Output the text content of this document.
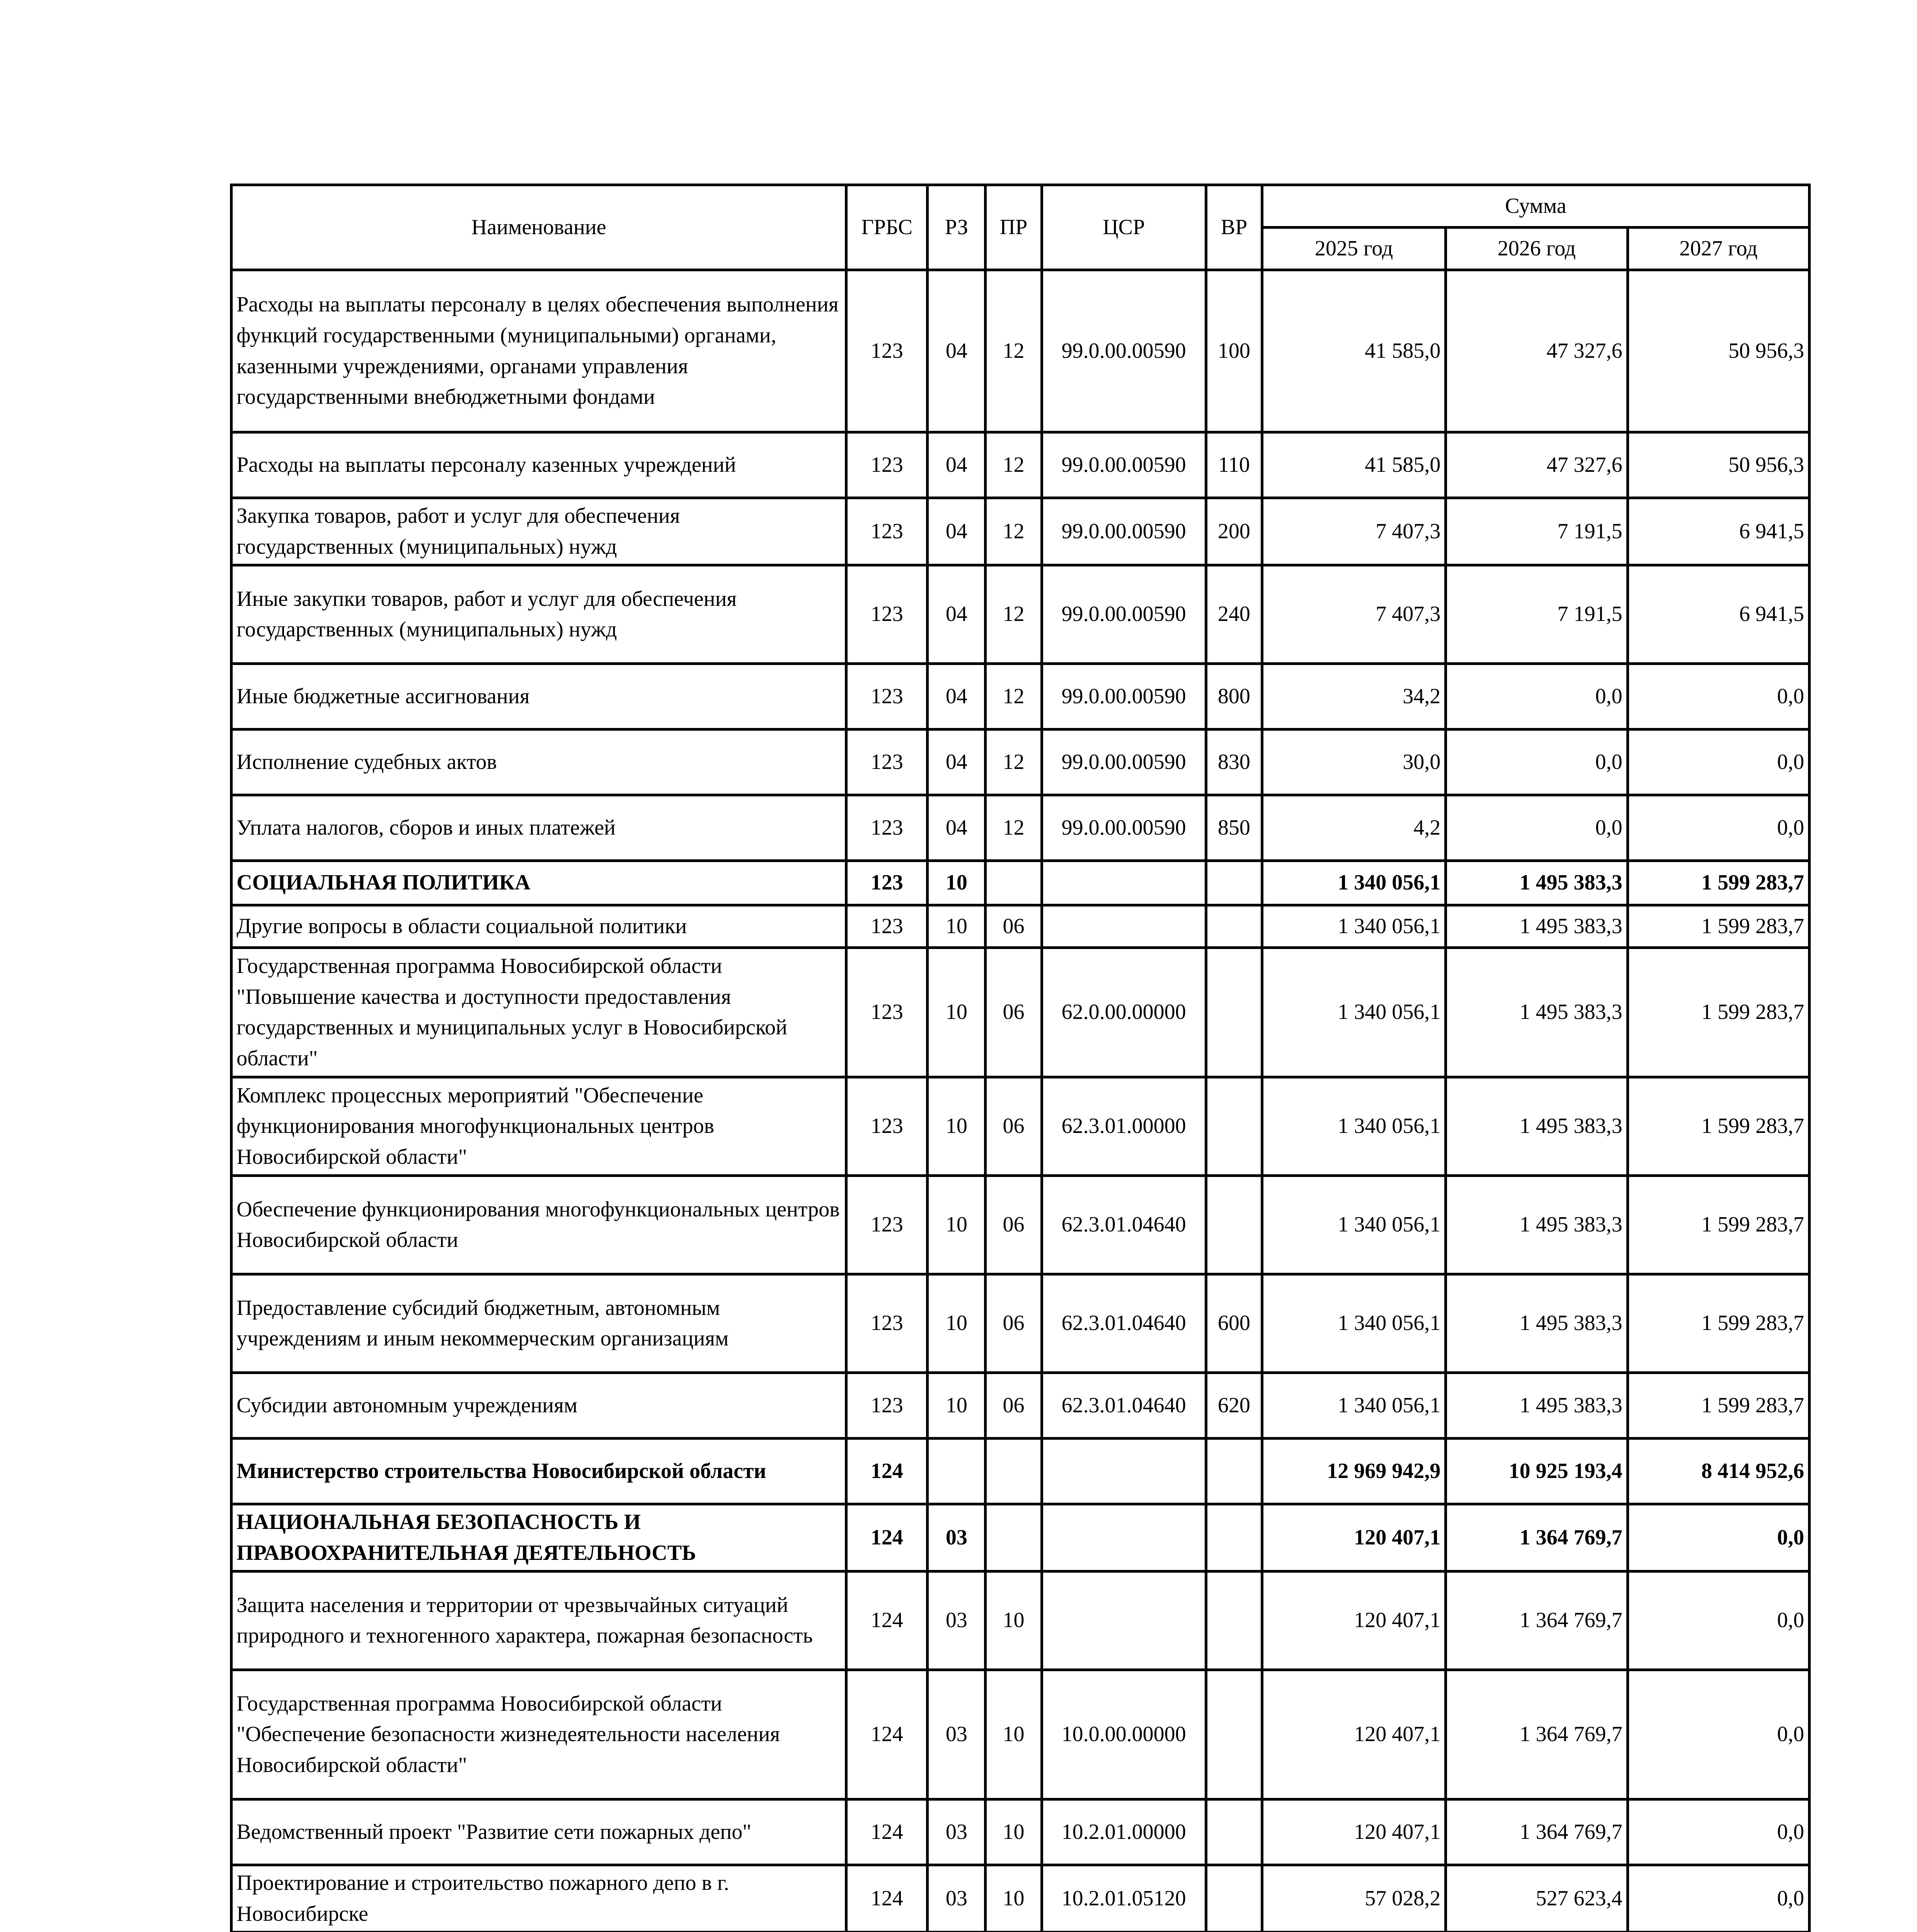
Наименование	ГРБС	РЗ	ПР	ЦСР	ВР	Сумма		
						2025 год	2026 год	2027 год
Расходы на выплаты персоналу в целях обеспечения выполнения функций государственными (муниципальными) органами, казенными учреждениями, органами управления государственными внебюджетными фондами	123	04	12	99.0.00.00590	100	41 585,0	47 327,6	50 956,3
Расходы на выплаты персоналу казенных учреждений	123	04	12	99.0.00.00590	110	41 585,0	47 327,6	50 956,3
Закупка товаров, работ и услуг для обеспечения государственных (муниципальных) нужд	123	04	12	99.0.00.00590	200	7 407,3	7 191,5	6 941,5
Иные закупки товаров, работ и услуг для обеспечения государственных (муниципальных) нужд	123	04	12	99.0.00.00590	240	7 407,3	7 191,5	6 941,5
Иные бюджетные ассигнования	123	04	12	99.0.00.00590	800	34,2	0,0	0,0
Исполнение судебных актов	123	04	12	99.0.00.00590	830	30,0	0,0	0,0
Уплата налогов, сборов и иных платежей	123	04	12	99.0.00.00590	850	4,2	0,0	0,0
СОЦИАЛЬНАЯ ПОЛИТИКА	123	10				1 340 056,1	1 495 383,3	1 599 283,7
Другие вопросы в области социальной политики	123	10	06			1 340 056,1	1 495 383,3	1 599 283,7
Государственная программа Новосибирской области "Повышение качества и доступности предоставления государственных и муниципальных услуг в Новосибирской области"	123	10	06	62.0.00.00000		1 340 056,1	1 495 383,3	1 599 283,7
Комплекс процессных мероприятий "Обеспечение функционирования многофункциональных центров Новосибирской области"	123	10	06	62.3.01.00000		1 340 056,1	1 495 383,3	1 599 283,7
Обеспечение функционирования многофункциональных центров Новосибирской области	123	10	06	62.3.01.04640		1 340 056,1	1 495 383,3	1 599 283,7
Предоставление субсидий бюджетным, автономным учреждениям и иным некоммерческим организациям	123	10	06	62.3.01.04640	600	1 340 056,1	1 495 383,3	1 599 283,7
Субсидии автономным учреждениям	123	10	06	62.3.01.04640	620	1 340 056,1	1 495 383,3	1 599 283,7
Министерство строительства Новосибирской области	124					12 969 942,9	10 925 193,4	8 414 952,6
НАЦИОНАЛЬНАЯ БЕЗОПАСНОСТЬ И ПРАВООХРАНИТЕЛЬНАЯ ДЕЯТЕЛЬНОСТЬ	124	03				120 407,1	1 364 769,7	0,0
Защита населения и территории от чрезвычайных ситуаций природного и техногенного характера, пожарная безопасность	124	03	10			120 407,1	1 364 769,7	0,0
Государственная программа Новосибирской области "Обеспечение безопасности жизнедеятельности населения Новосибирской области"	124	03	10	10.0.00.00000		120 407,1	1 364 769,7	0,0
Ведомственный проект "Развитие сети пожарных депо"	124	03	10	10.2.01.00000		120 407,1	1 364 769,7	0,0
Проектирование и строительство пожарного депо в г. Новосибирске	124	03	10	10.2.01.05120		57 028,2	527 623,4	0,0
